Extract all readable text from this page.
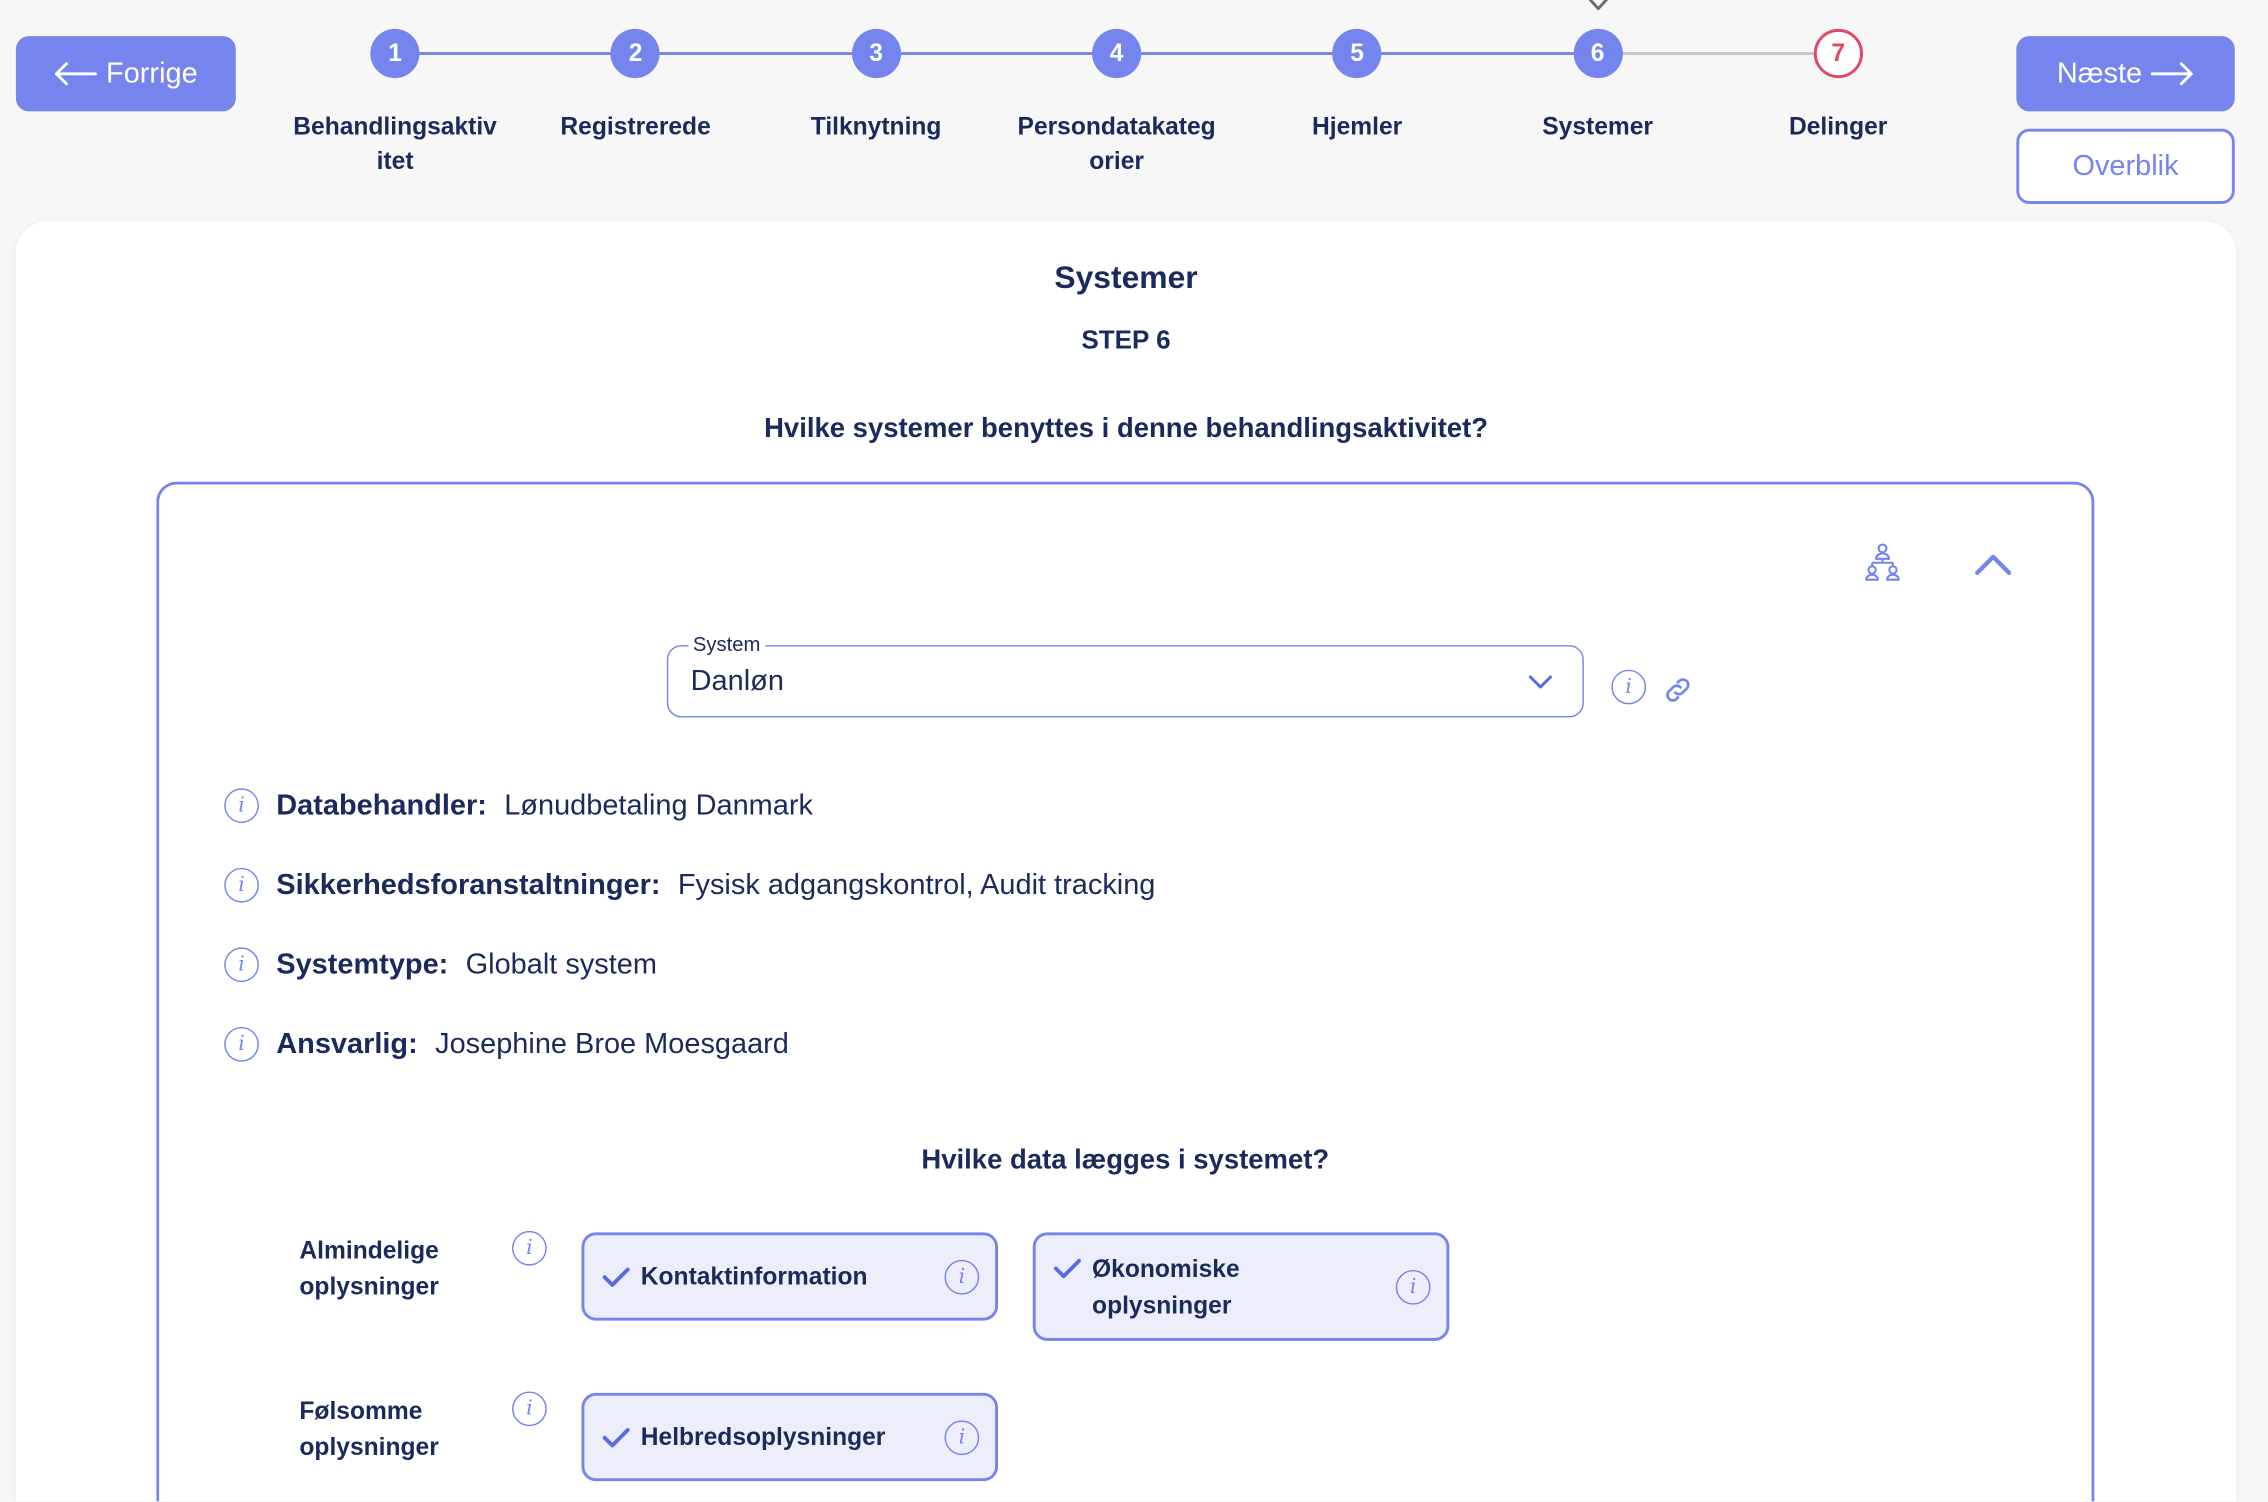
Forrige
1
Behandlingsaktivitet
2
Registrerede
3
Tilknytning
4
Persondatakategorier
5
Hjemler
6
Systemer
7
Delinger
Næste
Overblik
Systemer
STEP 6
Hvilke systemer benyttes i denne behandlingsaktivitet?
System
Danløn
i
i
Databehandler: Lønudbetaling Danmark
i
Sikkerhedsforanstaltninger: Fysisk adgangskontrol, Audit tracking
i
Systemtype: Globalt system
i
Ansvarlig: Josephine Broe Moesgaard
Hvilke data lægges i systemet?
Almindelige oplysninger
i	Kontaktinformation
i	Økonomiske oplysninger
i
Følsomme oplysninger
i	Helbredsoplysninger
i
